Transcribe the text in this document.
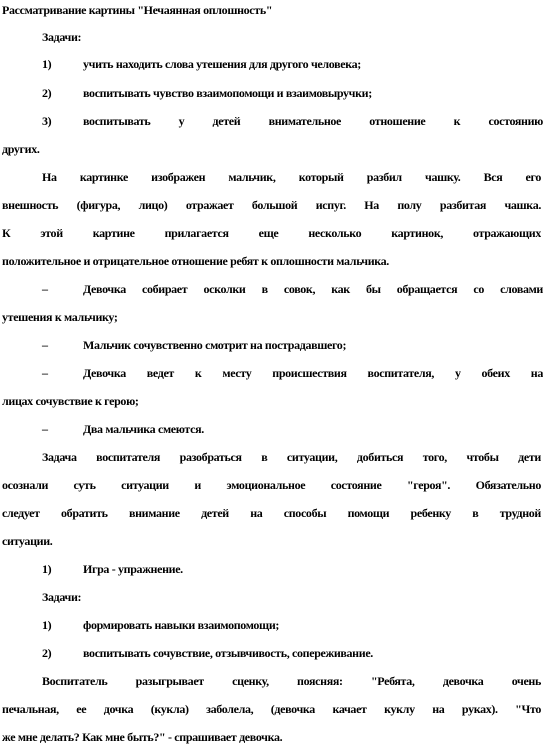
Рассматривание картины "Нечаянная оплошность"
Задачи:
1)	учить находить слова утешения для другого человека;
2)	воспитывать чувство взаимопомощи и взаимовыручки;
3)	воспитывать у детей внимательное отношение к состоянию
других.
На картинке изображен мальчик, который разбил чашку. Вся его
внешность (фигура, лицо) отражает большой испуг. На полу разбитая чашка.
К этой картине прилагается еще несколько картинок, отражающих
положительное и отрицательное отношение ребят к оплошности мальчика.
–	Девочка собирает осколки в совок, как бы обращается со словами
утешения к мальчику;
–	Мальчик сочувственно смотрит на пострадавшего;
–	Девочка ведет к месту происшествия воспитателя, у обеих на
лицах сочувствие к герою;
–	Два мальчика смеются.
Задача воспитателя разобраться в ситуации, добиться того, чтобы дети
осознали суть ситуации и эмоциональное состояние "героя". Обязательно
следует обратить внимание детей на способы помощи ребенку в трудной
ситуации.
1)	Игра - упражнение.
Задачи:
1)	формировать навыки взаимопомощи;
2)	воспитывать сочувствие, отзывчивость, сопереживание.
Воспитатель разыгрывает сценку, поясняя: "Ребята, девочка очень
печальная, ее дочка (кукла) заболела, (девочка качает куклу на руках). "Что
же мне делать? Как мне быть?" - спрашивает девочка.
